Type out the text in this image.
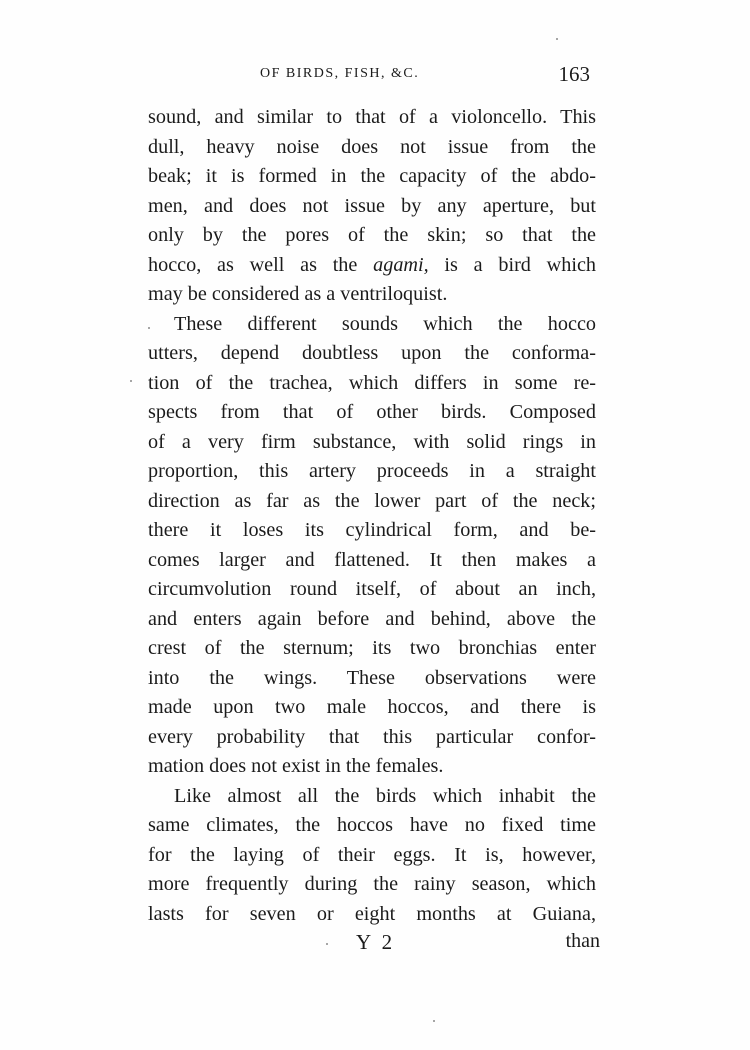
OF BIRDS, FISH, &C.	163
sound, and similar to that of a violoncello. This
dull, heavy noise does not issue from the
beak; it is formed in the capacity of the abdo-
men, and does not issue by any aperture, but
only by the pores of the skin; so that the
hocco, as well as the agami, is a bird which
may be considered as a ventriloquist.
These different sounds which the hocco
utters, depend doubtless upon the conforma-
tion of the trachea, which differs in some re-
spects from that of other birds. Composed
of a very firm substance, with solid rings in
proportion, this artery proceeds in a straight
direction as far as the lower part of the neck;
there it loses its cylindrical form, and be-
comes larger and flattened. It then makes a
circumvolution round itself, of about an inch,
and enters again before and behind, above the
crest of the sternum; its two bronchias enter
into the wings. These observations were
made upon two male hoccos, and there is
every probability that this particular confor-
mation does not exist in the females.
Like almost all the birds which inhabit the
same climates, the hoccos have no fixed time
for the laying of their eggs. It is, however,
more frequently during the rainy season, which
lasts for seven or eight months at Guiana,
Y 2	than
